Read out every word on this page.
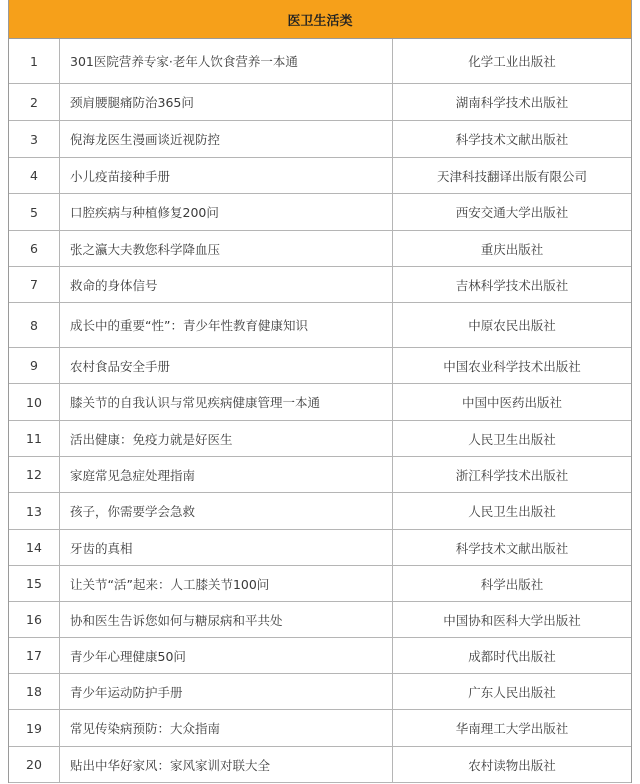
医卫生活类
1	301医院营养专家·老年人饮食营养一本通	化学工业出版社
2	颈肩腰腿痛防治365问	湖南科学技术出版社
3	倪海龙医生漫画谈近视防控	科学技术文献出版社
4	小儿疫苗接种手册	天津科技翻译出版有限公司
5	口腔疾病与种植修复200问	西安交通大学出版社
6	张之瀛大夫教您科学降血压	重庆出版社
7	救命的身体信号	吉林科学技术出版社
8	成长中的重要“性”：青少年性教育健康知识	中原农民出版社
9	农村食品安全手册	中国农业科学技术出版社
10	膝关节的自我认识与常见疾病健康管理一本通	中国中医药出版社
11	活出健康：免疫力就是好医生	人民卫生出版社
12	家庭常见急症处理指南	浙江科学技术出版社
13	孩子，你需要学会急救	人民卫生出版社
14	牙齿的真相	科学技术文献出版社
15	让关节“活”起来：人工膝关节100问	科学出版社
16	协和医生告诉您如何与糖尿病和平共处	中国协和医科大学出版社
17	青少年心理健康50问	成都时代出版社
18	青少年运动防护手册	广东人民出版社
19	常见传染病预防：大众指南	华南理工大学出版社
20	贴出中华好家风：家风家训对联大全	农村读物出版社
